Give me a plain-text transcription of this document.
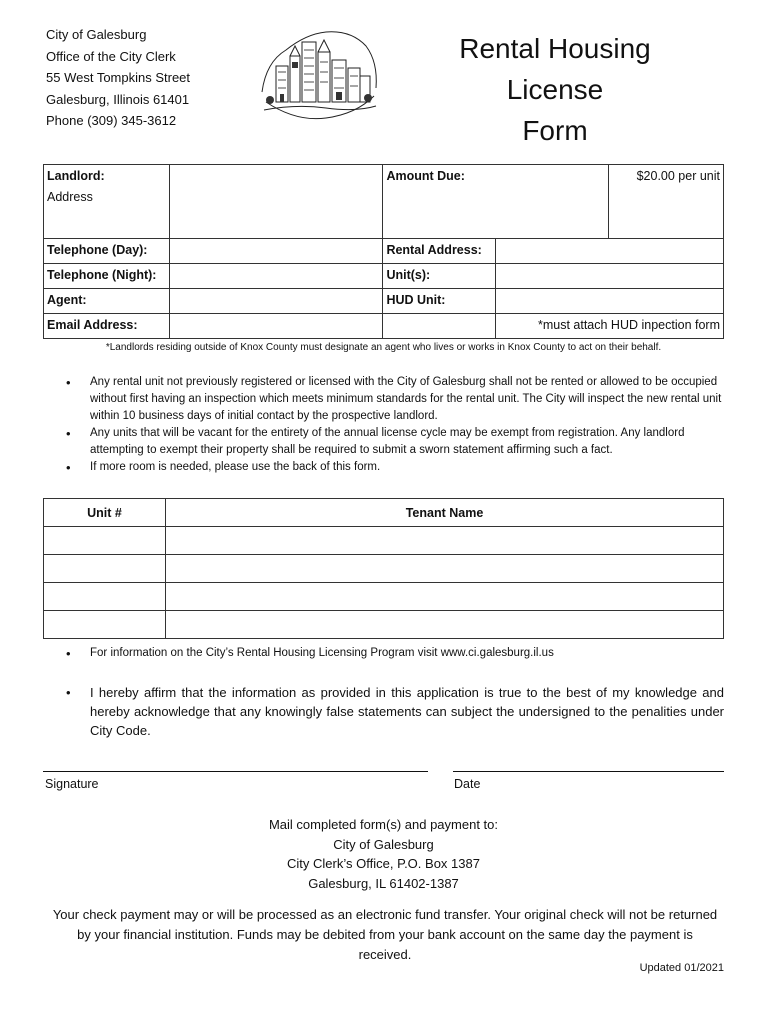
City of Galesburg
Office of the City Clerk
55 West Tompkins Street
Galesburg, Illinois 61401
Phone (309) 345-3612
Rental Housing
License
Form
Landlord:
Address		Amount Due:		$20.00 per unit
Telephone (Day):		Rental Address:		
Telephone (Night):		Unit(s):		
Agent:		HUD Unit:		
Email Address:			*must attach HUD inpection form	
*Landlords residing outside of Knox County must designate an agent who lives or works in Knox County to act on their behalf.
• Any rental unit not previously registered or licensed with the City of Galesburg shall not be rented or allowed to be occupied without first having an inspection which meets minimum standards for the rental unit. The City will inspect the new rental unit within 10 business days of initial contact by the prospective landlord.
• Any units that will be vacant for the entirety of the annual license cycle may be exempt from registration. Any landlord attempting to exempt their property shall be required to submit a sworn statement affirming such a fact.
• If more room is needed, please use the back of this form.
Unit #	Tenant Name

• For information on the City’s Rental Housing Licensing Program visit www.ci.galesburg.il.us
• I hereby affirm that the information as provided in this application is true to the best of my knowledge and hereby acknowledge that any knowingly false statements can subject the undersigned to the penalities under City Code.
Signature	Date
Mail completed form(s) and payment to:
City of Galesburg
City Clerk’s Office, P.O. Box 1387
Galesburg, IL 61402-1387
Your check payment may or will be processed as an electronic fund transfer. Your original check will not be returned by your financial institution. Funds may be debited from your bank account on the same day the payment is received.
Updated 01/2021
